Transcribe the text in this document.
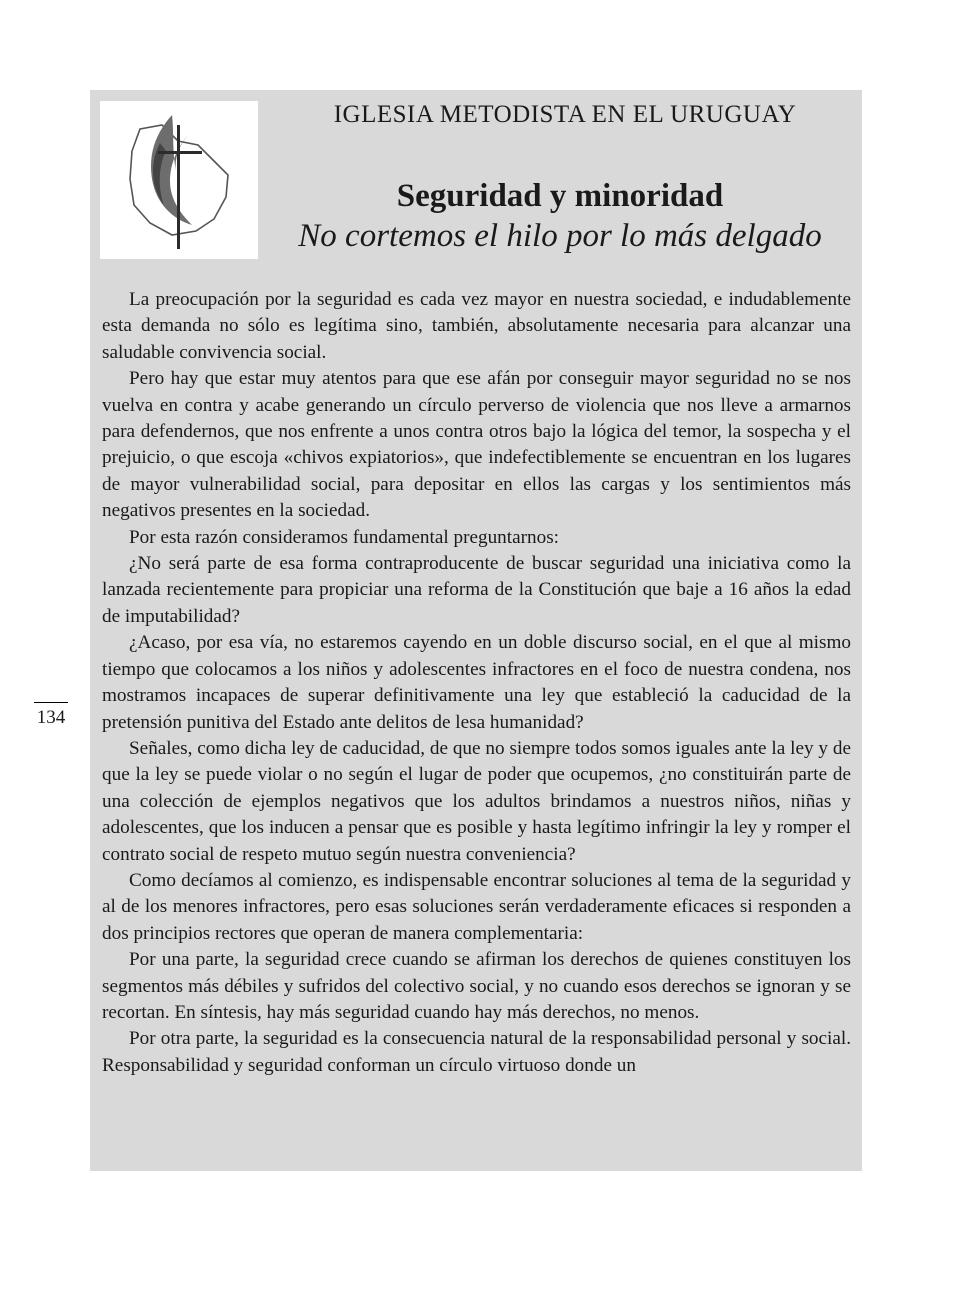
IGLESIA METODISTA EN EL URUGUAY
Seguridad y minoridad
No cortemos el hilo por lo más delgado

La preocupación por la seguridad es cada vez mayor en nuestra sociedad, e indudablemente esta demanda no sólo es legítima sino, también, absolutamente necesaria para alcanzar una saludable convivencia social.

Pero hay que estar muy atentos para que ese afán por conseguir mayor seguridad no se nos vuelva en contra y acabe generando un círculo perverso de violencia que nos lleve a armarnos para defendernos, que nos enfrente a unos contra otros bajo la lógica del temor, la sospecha y el prejuicio, o que escoja «chivos expiatorios», que indefectiblemente se encuentran en los lugares de mayor vulnerabilidad social, para depositar en ellos las cargas y los sentimientos más negativos presentes en la sociedad.

Por esta razón consideramos fundamental preguntarnos:

¿No será parte de esa forma contraproducente de buscar seguridad una iniciativa como la lanzada recientemente para propiciar una reforma de la Constitución que baje a 16 años la edad de imputabilidad?

¿Acaso, por esa vía, no estaremos cayendo en un doble discurso social, en el que al mismo tiempo que colocamos a los niños y adolescentes infractores en el foco de nuestra condena, nos mostramos incapaces de superar definitivamente una ley que estableció la caducidad de la pretensión punitiva del Estado ante delitos de lesa humanidad?

Señales, como dicha ley de caducidad, de que no siempre todos somos iguales ante la ley y de que la ley se puede violar o no según el lugar de poder que ocupemos, ¿no constituirán parte de una colección de ejemplos negativos que los adultos brindamos a nuestros niños, niñas y adolescentes, que los inducen a pensar que es posible y hasta legítimo infringir la ley y romper el contrato social de respeto mutuo según nuestra conveniencia?

Como decíamos al comienzo, es indispensable encontrar soluciones al tema de la seguridad y al de los menores infractores, pero esas soluciones serán verdaderamente eficaces si responden a dos principios rectores que operan de manera complementaria:

Por una parte, la seguridad crece cuando se afirman los derechos de quienes constituyen los segmentos más débiles y sufridos del colectivo social, y no cuando esos derechos se ignoran y se recortan. En síntesis, hay más seguridad cuando hay más derechos, no menos.

Por otra parte, la seguridad es la consecuencia natural de la responsabilidad personal y social. Responsabilidad y seguridad conforman un círculo virtuoso donde un

134
